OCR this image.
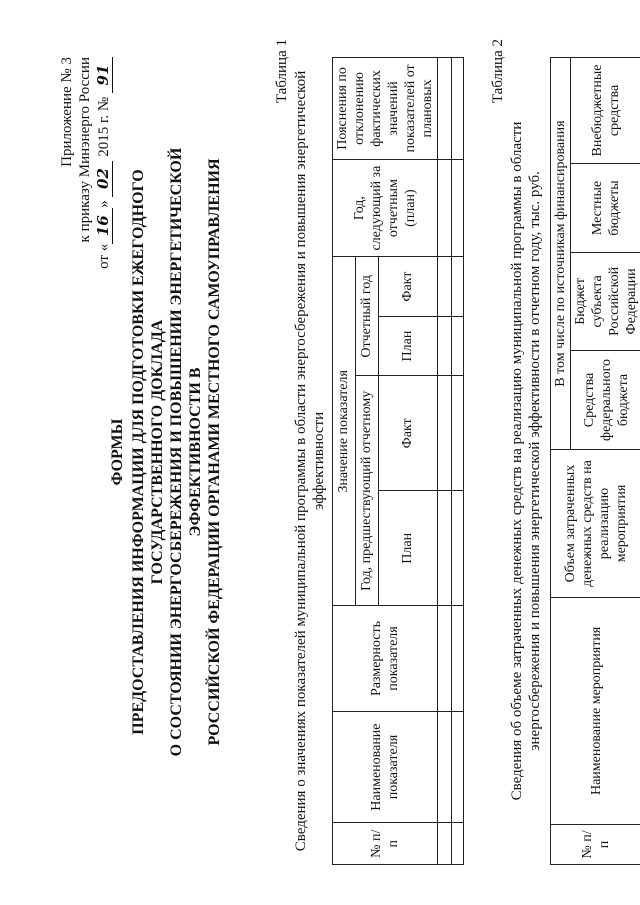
Приложение № 3 к приказу Минэнерго России
от «16» 02 2015 г. № 91
ФОРМЫ ПРЕДОСТАВЛЕНИЯ ИНФОРМАЦИИ ДЛЯ ПОДГОТОВКИ ЕЖЕГОДНОГО ГОСУДАРСТВЕННОГО ДОКЛАДА О СОСТОЯНИИ ЭНЕРГОСБЕРЕЖЕНИЯ И ПОВЫШЕНИИ ЭНЕРГЕТИЧЕСКОЙ ЭФФЕКТИВНОСТИ В РОССИЙСКОЙ ФЕДЕРАЦИИ ОРГАНАМИ МЕСТНОГО САМОУПРАВЛЕНИЯ
Таблица 1 Сведения о значениях показателей муниципальной программы в области энергосбережения и повышения энергетической эффективности
№ п/п	Наименование показателя	Размерность показателя	Значение показателя				Год, следующий за отчетным (план)	Пояснения по отклонению фактических значений показателей от плановых
			Год, предшествующий отчетному		Отчетный год			
			План	Факт	План	Факт		

Таблица 2
Сведения об объеме затраченных денежных средств на реализацию муниципальной программы в области энергосбережения и повышения энергетической эффективности в отчетном году, тыс. руб.
№ п/п	Наименование мероприятия	Объем затраченных денежных средств на реализацию мероприятия	В том числе по источникам финансирования			
			Средства федерального бюджета	Бюджет субъекта Российской Федерации	Местные бюджеты	Внебюджетные средства
